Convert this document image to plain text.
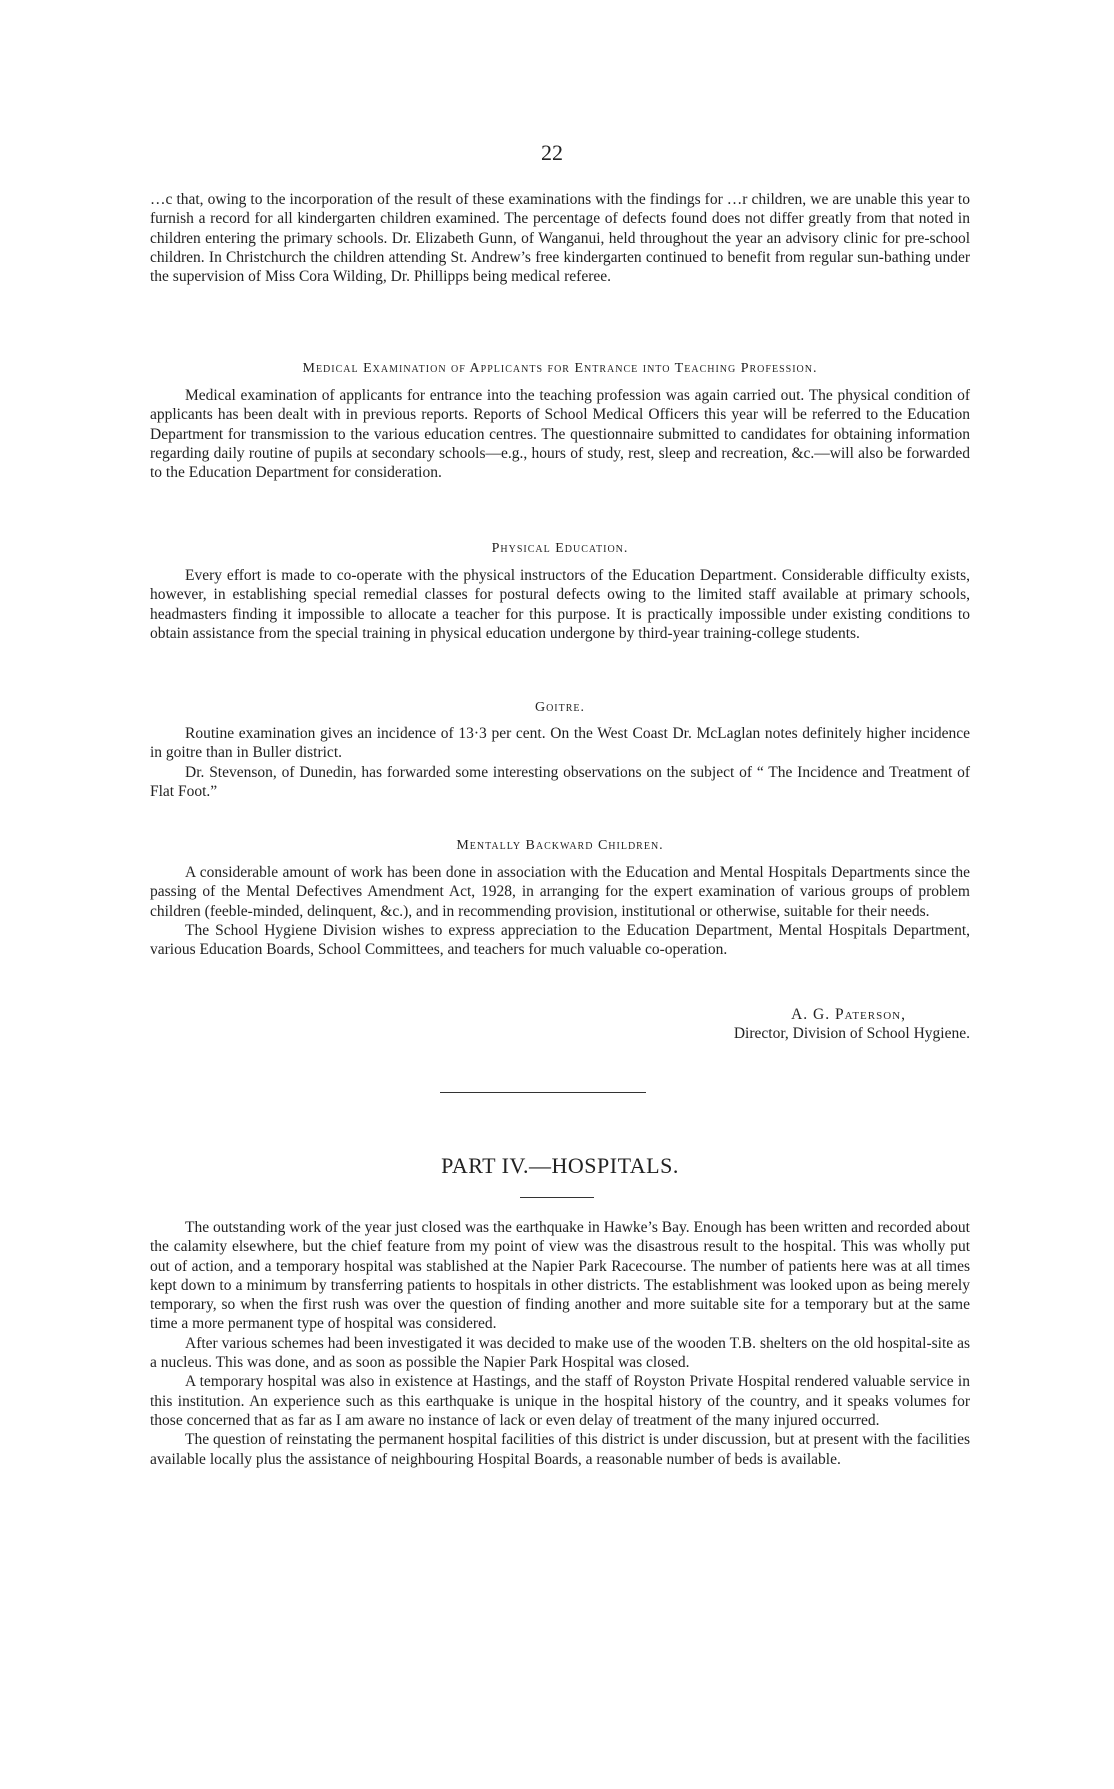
22

…c that, owing to the incorporation of the result of these examinations with the findings for …r children, we are unable this year to furnish a record for all kindergarten children examined. The percentage of defects found does not differ greatly from that noted in children entering the primary schools. Dr. Elizabeth Gunn, of Wanganui, held throughout the year an advisory clinic for pre-school children. In Christchurch the children attending St. Andrew’s free kindergarten continued to benefit from regular sun-bathing under the supervision of Miss Cora Wilding, Dr. Phillipps being medical referee.

Medical Examination of Applicants for Entrance into Teaching Profession.

Medical examination of applicants for entrance into the teaching profession was again carried out. The physical condition of applicants has been dealt with in previous reports. Reports of School Medical Officers this year will be referred to the Education Department for transmission to the various education centres. The questionnaire submitted to candidates for obtaining information regarding daily routine of pupils at secondary schools—e.g., hours of study, rest, sleep and recreation, &c.—will also be forwarded to the Education Department for consideration.

Physical Education.

Every effort is made to co-operate with the physical instructors of the Education Department. Considerable difficulty exists, however, in establishing special remedial classes for postural defects owing to the limited staff available at primary schools, headmasters finding it impossible to allocate a teacher for this purpose. It is practically impossible under existing conditions to obtain assistance from the special training in physical education undergone by third-year training-college students.

Goitre.

Routine examination gives an incidence of 13·3 per cent. On the West Coast Dr. McLaglan notes definitely higher incidence in goitre than in Buller district.

Dr. Stevenson, of Dunedin, has forwarded some interesting observations on the subject of “ The Incidence and Treatment of Flat Foot.”

Mentally Backward Children.

A considerable amount of work has been done in association with the Education and Mental Hospitals Departments since the passing of the Mental Defectives Amendment Act, 1928, in arranging for the expert examination of various groups of problem children (feeble-minded, delinquent, &c.), and in recommending provision, institutional or otherwise, suitable for their needs.

The School Hygiene Division wishes to express appreciation to the Education Department, Mental Hospitals Department, various Education Boards, School Committees, and teachers for much valuable co-operation.

A. G. Paterson,
Director, Division of School Hygiene.
PART IV.—HOSPITALS.

The outstanding work of the year just closed was the earthquake in Hawke’s Bay. Enough has been written and recorded about the calamity elsewhere, but the chief feature from my point of view was the disastrous result to the hospital. This was wholly put out of action, and a temporary hospital was stablished at the Napier Park Racecourse. The number of patients here was at all times kept down to a minimum by transferring patients to hospitals in other districts. The establishment was looked upon as being merely temporary, so when the first rush was over the question of finding another and more suitable site for a temporary but at the same time a more permanent type of hospital was considered.

After various schemes had been investigated it was decided to make use of the wooden T.B. shelters on the old hospital-site as a nucleus. This was done, and as soon as possible the Napier Park Hospital was closed.

A temporary hospital was also in existence at Hastings, and the staff of Royston Private Hospital rendered valuable service in this institution. An experience such as this earthquake is unique in the hospital history of the country, and it speaks volumes for those concerned that as far as I am aware no instance of lack or even delay of treatment of the many injured occurred.

The question of reinstating the permanent hospital facilities of this district is under discussion, but at present with the facilities available locally plus the assistance of neighbouring Hospital Boards, a reasonable number of beds is available.
